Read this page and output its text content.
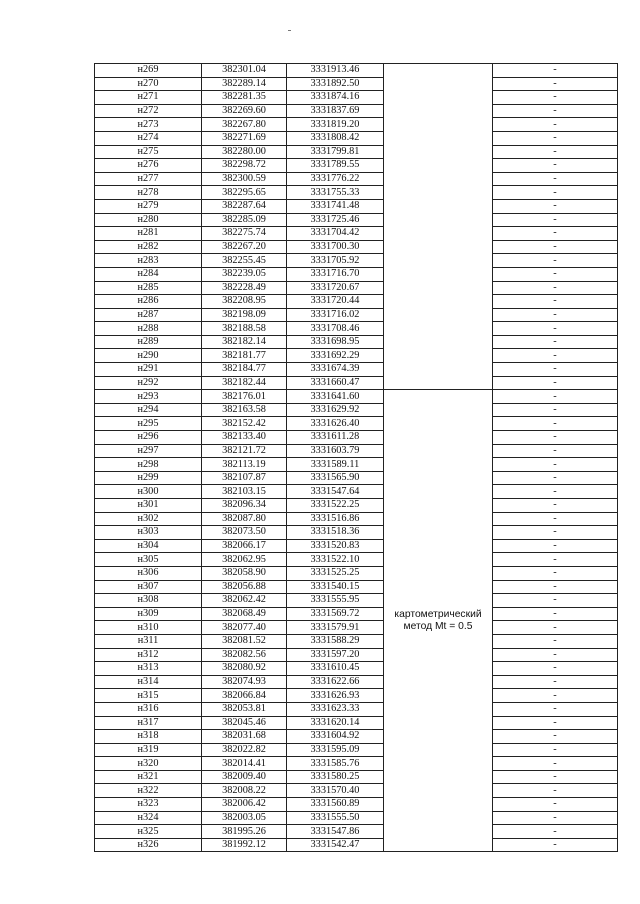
н269	382301.04	3331913.46		-
н270	382289.14	3331892.50		-
н271	382281.35	3331874.16		-
н272	382269.60	3331837.69		-
н273	382267.80	3331819.20		-
н274	382271.69	3331808.42		-
н275	382280.00	3331799.81		-
н276	382298.72	3331789.55		-
н277	382300.59	3331776.22		-
н278	382295.65	3331755.33		-
н279	382287.64	3331741.48		-
н280	382285.09	3331725.46		-
н281	382275.74	3331704.42		-
н282	382267.20	3331700.30		-
н283	382255.45	3331705.92		-
н284	382239.05	3331716.70		-
н285	382228.49	3331720.67		-
н286	382208.95	3331720.44		-
н287	382198.09	3331716.02		-
н288	382188.58	3331708.46		-
н289	382182.14	3331698.95		-
н290	382181.77	3331692.29		-
н291	382184.77	3331674.39		-
н292	382182.44	3331660.47		-
н293	382176.01	3331641.60	картометрический
метод Mt = 0.5	-
н294	382163.58	3331629.92		-
н295	382152.42	3331626.40		-
н296	382133.40	3331611.28		-
н297	382121.72	3331603.79		-
н298	382113.19	3331589.11		-
н299	382107.87	3331565.90		-
н300	382103.15	3331547.64		-
н301	382096.34	3331522.25		-
н302	382087.80	3331516.86		-
н303	382073.50	3331518.36		-
н304	382066.17	3331520.83		-
н305	382062.95	3331522.10		-
н306	382058.90	3331525.25		-
н307	382056.88	3331540.15		-
н308	382062.42	3331555.95		-
н309	382068.49	3331569.72		-
н310	382077.40	3331579.91		-
н311	382081.52	3331588.29		-
н312	382082.56	3331597.20		-
н313	382080.92	3331610.45		-
н314	382074.93	3331622.66		-
н315	382066.84	3331626.93		-
н316	382053.81	3331623.33		-
н317	382045.46	3331620.14		-
н318	382031.68	3331604.92		-
н319	382022.82	3331595.09		-
н320	382014.41	3331585.76		-
н321	382009.40	3331580.25		-
н322	382008.22	3331570.40		-
н323	382006.42	3331560.89		-
н324	382003.05	3331555.50		-
н325	381995.26	3331547.86		-
н326	381992.12	3331542.47		-
